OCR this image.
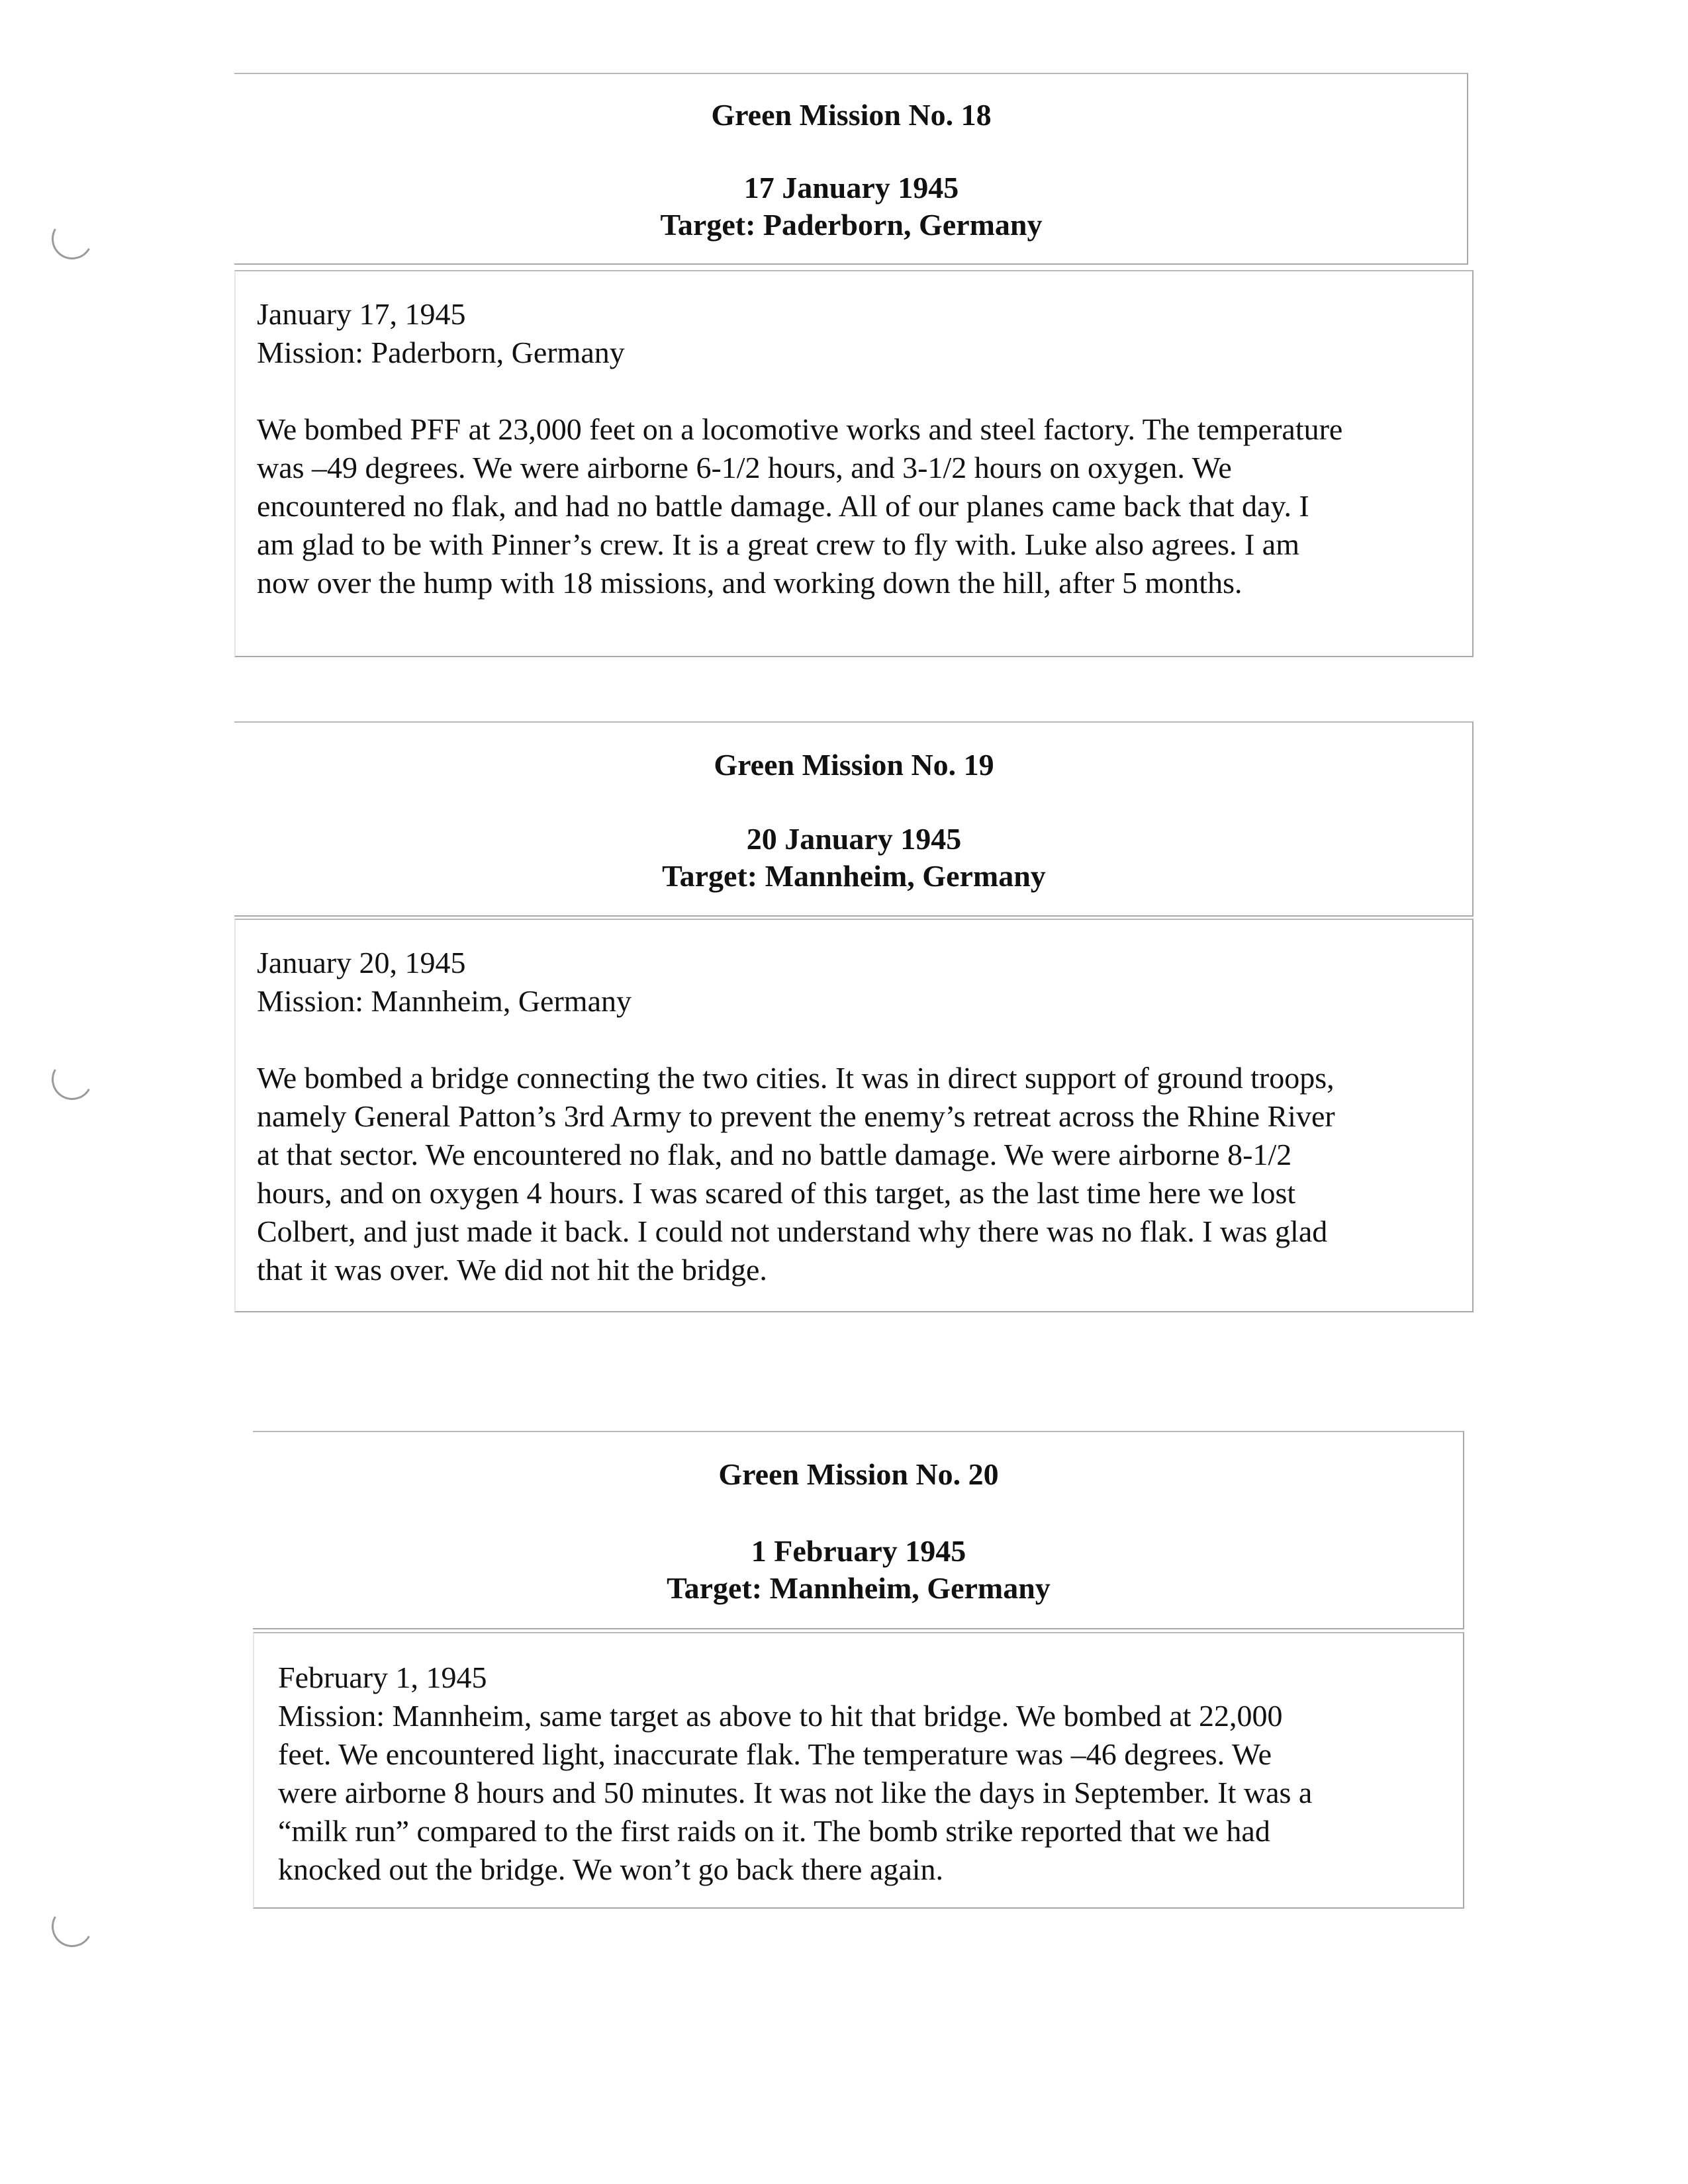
Green Mission No. 18
17 January 1945
Target: Paderborn, Germany
January 17, 1945
Mission: Paderborn, Germany
We bombed PFF at 23,000 feet on a locomotive works and steel factory. The temperature
was –49 degrees. We were airborne 6-1/2 hours, and 3-1/2 hours on oxygen. We
encountered no flak, and had no battle damage. All of our planes came back that day. I
am glad to be with Pinner’s crew. It is a great crew to fly with. Luke also agrees. I am
now over the hump with 18 missions, and working down the hill, after 5 months.
Green Mission No. 19
20 January 1945
Target: Mannheim, Germany
January 20, 1945
Mission: Mannheim, Germany
We bombed a bridge connecting the two cities. It was in direct support of ground troops,
namely General Patton’s 3rd Army to prevent the enemy’s retreat across the Rhine River
at that sector. We encountered no flak, and no battle damage. We were airborne 8-1/2
hours, and on oxygen 4 hours. I was scared of this target, as the last time here we lost
Colbert, and just made it back. I could not understand why there was no flak. I was glad
that it was over. We did not hit the bridge.
Green Mission No. 20
1 February 1945
Target: Mannheim, Germany
February 1, 1945
Mission: Mannheim, same target as above to hit that bridge. We bombed at 22,000
feet. We encountered light, inaccurate flak. The temperature was –46 degrees. We
were airborne 8 hours and 50 minutes. It was not like the days in September. It was a
“milk run” compared to the first raids on it. The bomb strike reported that we had
knocked out the bridge. We won’t go back there again.
